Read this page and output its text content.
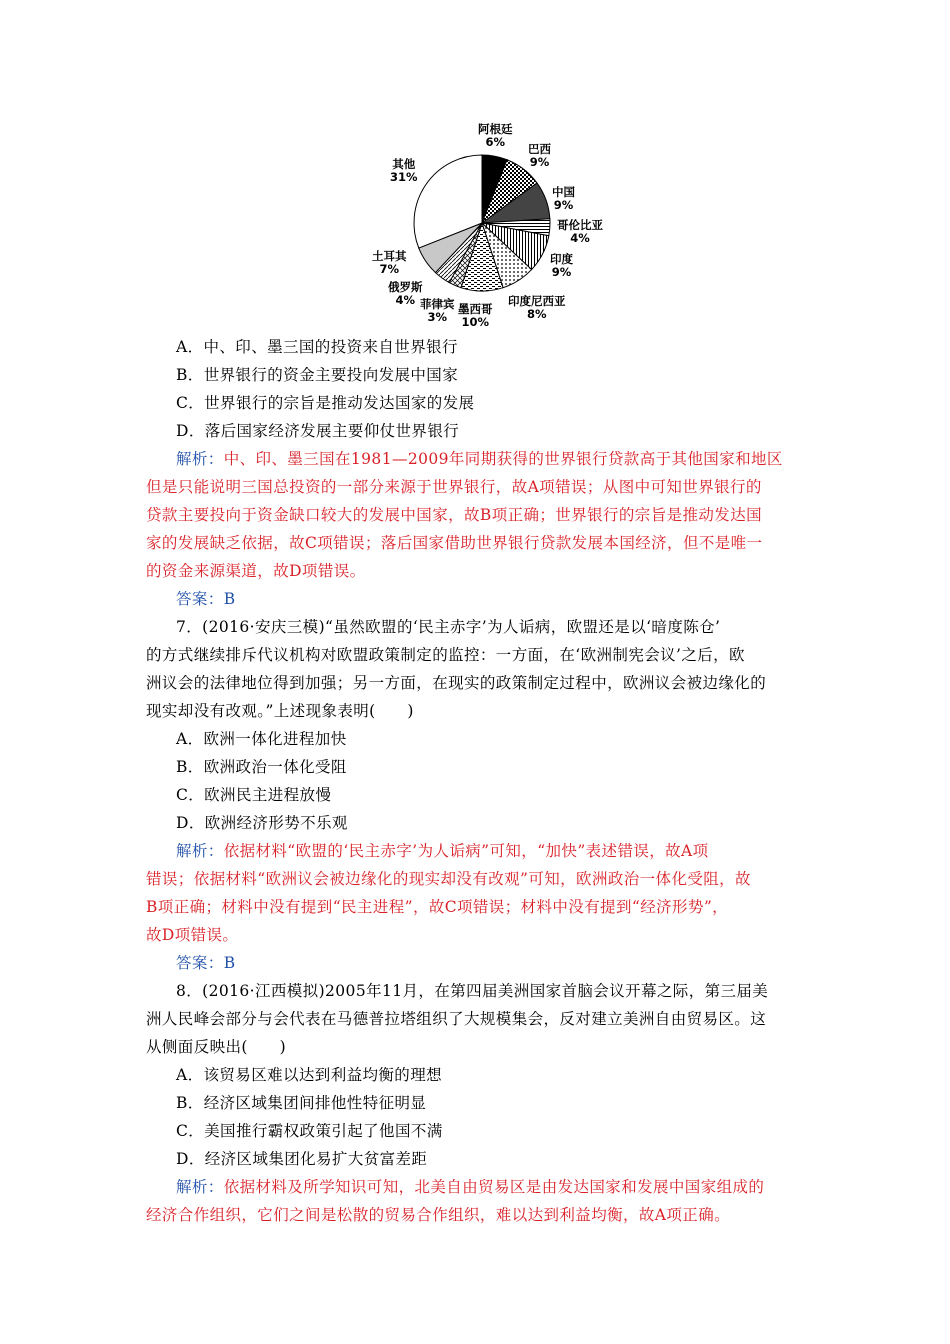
阿根廷
6%	巴西
9%
中国
9%
哥伦比亚
4%
印度
9%
印度尼西亚
8%
墨西哥
10%
菲律宾
3%
俄罗斯
4%
土耳其
7%
其他
31%
A．中、印、墨三国的投资来自世界银行
B．世界银行的资金主要投向发展中国家
C．世界银行的宗旨是推动发达国家的发展
D．落后国家经济发展主要仰仗世界银行
解析：中、印、墨三国在1981—2009年同期获得的世界银行贷款高于其他国家和地区
但是只能说明三国总投资的一部分来源于世界银行，故A项错误；从图中可知世界银行的
贷款主要投向于资金缺口较大的发展中国家，故B项正确；世界银行的宗旨是推动发达国
家的发展缺乏依据，故C项错误；落后国家借助世界银行贷款发展本国经济，但不是唯一
的资金来源渠道，故D项错误。
答案：B
7．(2016·安庆三模)“虽然欧盟的‘民主赤字’为人诟病，欧盟还是以‘暗度陈仓’
的方式继续排斥代议机构对欧盟政策制定的监控：一方面，在‘欧洲制宪会议’之后，欧
洲议会的法律地位得到加强；另一方面，在现实的政策制定过程中，欧洲议会被边缘化的
现实却没有改观。”上述现象表明(　　)
A．欧洲一体化进程加快
B．欧洲政治一体化受阻
C．欧洲民主进程放慢
D．欧洲经济形势不乐观
解析：依据材料“欧盟的‘民主赤字’为人诟病”可知，“加快”表述错误，故A项
错误；依据材料“欧洲议会被边缘化的现实却没有改观”可知，欧洲政治一体化受阻，故
B项正确；材料中没有提到“民主进程”，故C项错误；材料中没有提到“经济形势”，
故D项错误。
答案：B
8．(2016·江西模拟)2005年11月，在第四届美洲国家首脑会议开幕之际，第三届美
洲人民峰会部分与会代表在马德普拉塔组织了大规模集会，反对建立美洲自由贸易区。这
从侧面反映出(　　)
A．该贸易区难以达到利益均衡的理想
B．经济区域集团间排他性特征明显
C．美国推行霸权政策引起了他国不满
D．经济区域集团化易扩大贫富差距
解析：依据材料及所学知识可知，北美自由贸易区是由发达国家和发展中国家组成的
经济合作组织，它们之间是松散的贸易合作组织，难以达到利益均衡，故A项正确。
